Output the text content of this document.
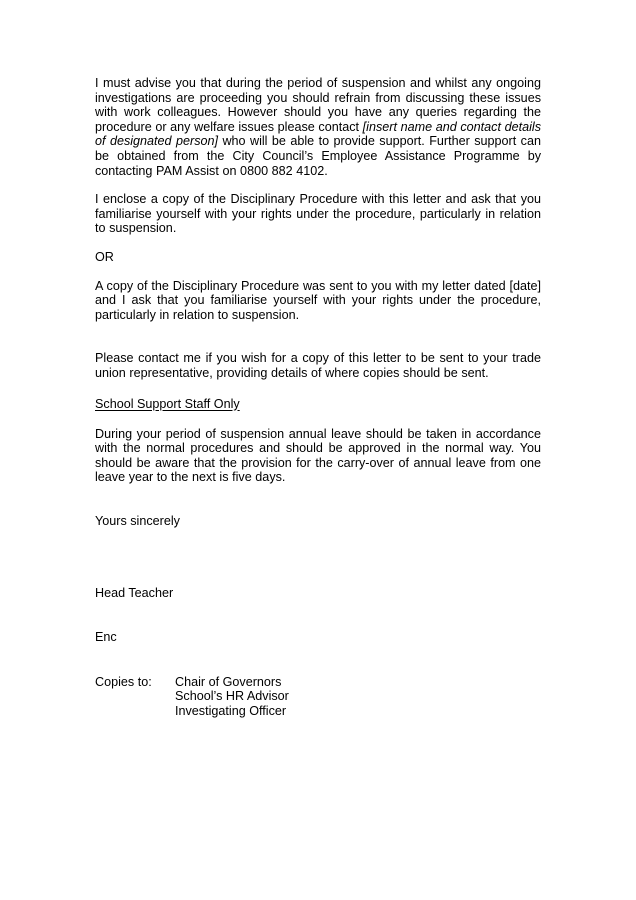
I must advise you that during the period of suspension and whilst any ongoing investigations are proceeding you should refrain from discussing these issues with work colleagues. However should you have any queries regarding the procedure or any welfare issues please contact [insert name and contact details of designated person] who will be able to provide support. Further support can be obtained from the City Council’s Employee Assistance Programme by contacting PAM Assist on 0800 882 4102.

I enclose a copy of the Disciplinary Procedure with this letter and ask that you familiarise yourself with your rights under the procedure, particularly in relation to suspension.

OR

A copy of the Disciplinary Procedure was sent to you with my letter dated [date] and I ask that you familiarise yourself with your rights under the procedure, particularly in relation to suspension.

Please contact me if you wish for a copy of this letter to be sent to your trade union representative, providing details of where copies should be sent.

School Support Staff Only

During your period of suspension annual leave should be taken in accordance with the normal procedures and should be approved in the normal way. You should be aware that the provision for the carry-over of annual leave from one leave year to the next is five days.

Yours sincerely

Head Teacher

Enc

Copies to:	Chair of Governors
School’s HR Advisor
Investigating Officer
